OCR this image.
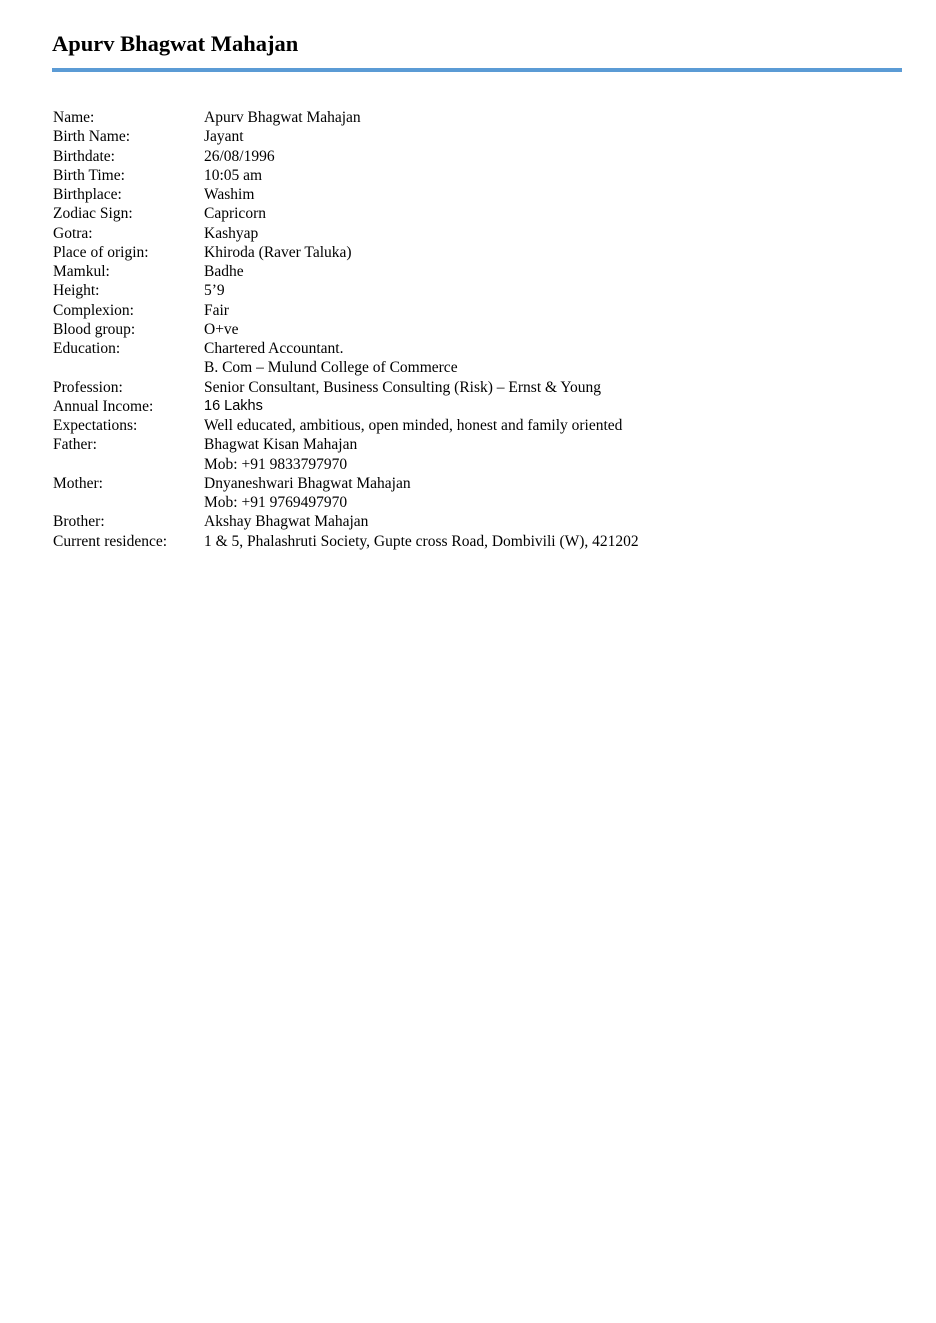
Apurv Bhagwat Mahajan
Name:	Apurv Bhagwat Mahajan
Birth Name:	Jayant
Birthdate:	26/08/1996
Birth Time:	10:05 am
Birthplace:	Washim
Zodiac Sign:	Capricorn
Gotra:	Kashyap
Place of origin:	Khiroda (Raver Taluka)
Mamkul:	Badhe
Height:	5’9
Complexion:	Fair
Blood group:	O+ve
Education:	Chartered Accountant.
B. Com – Mulund College of Commerce
Profession:	Senior Consultant, Business Consulting (Risk) – Ernst & Young
Annual Income:	16 Lakhs
Expectations:	Well educated, ambitious, open minded, honest and family oriented
Father:	Bhagwat Kisan Mahajan
Mob: +91 9833797970
Mother:	Dnyaneshwari Bhagwat Mahajan
Mob: +91 9769497970
Brother:	Akshay Bhagwat Mahajan
Current residence:	1 & 5, Phalashruti Society, Gupte cross Road, Dombivili (W), 421202
